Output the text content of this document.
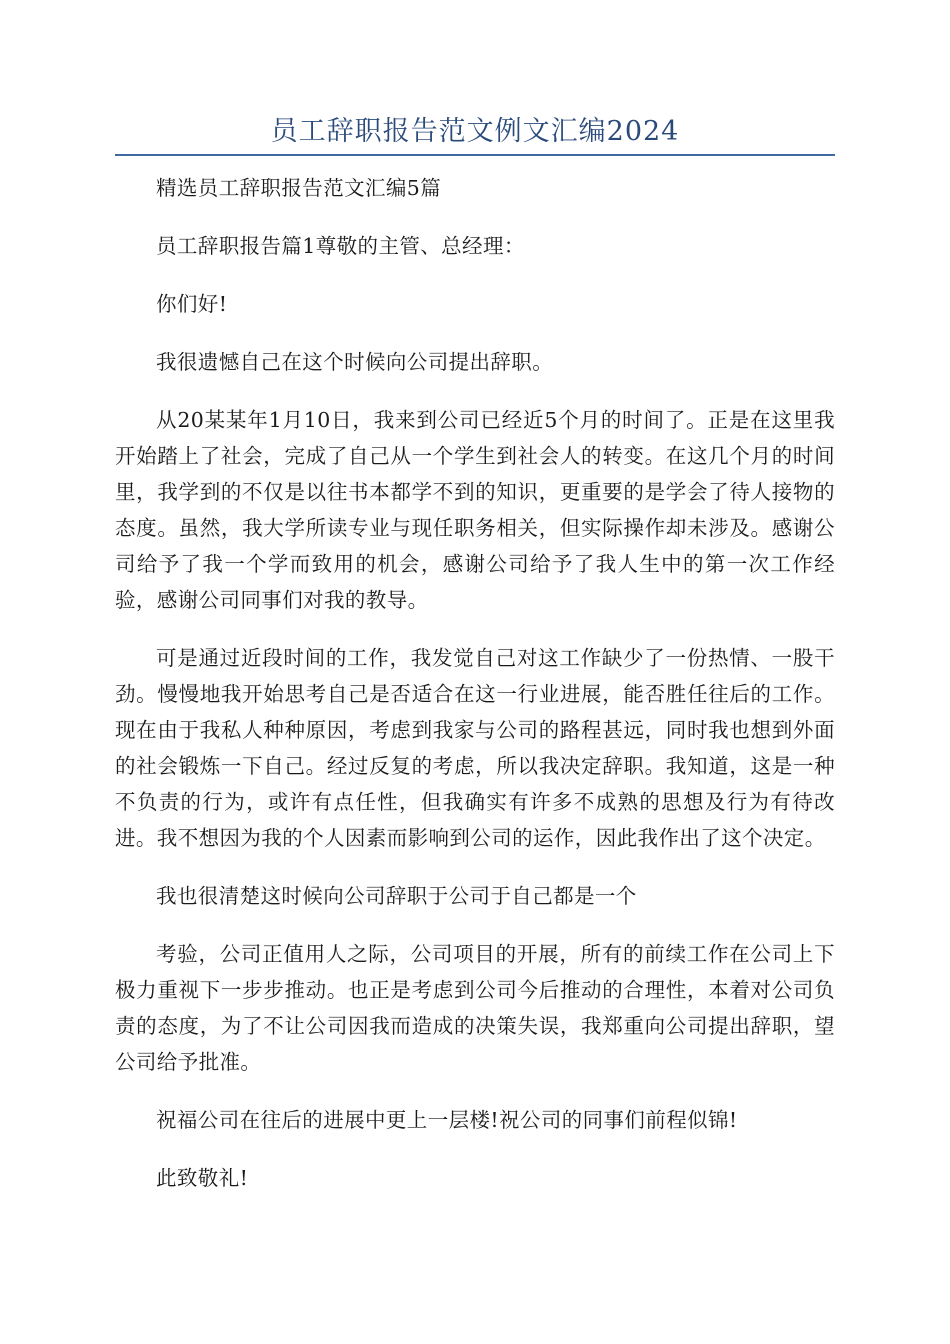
员工辞职报告范文例文汇编2024

精选员工辞职报告范文汇编5篇

员工辞职报告篇1尊敬的主管、总经理：

你们好!

我很遗憾自己在这个时候向公司提出辞职。

从20某某年1月10日，我来到公司已经近5个月的时间了。正是在这里我开始踏上了社会，完成了自己从一个学生到社会人的转变。在这几个月的时间里，我学到的不仅是以往书本都学不到的知识，更重要的是学会了待人接物的态度。虽然，我大学所读专业与现任职务相关，但实际操作却未涉及。感谢公司给予了我一个学而致用的机会，感谢公司给予了我人生中的第一次工作经验，感谢公司同事们对我的教导。

可是通过近段时间的工作，我发觉自己对这工作缺少了一份热情、一股干劲。慢慢地我开始思考自己是否适合在这一行业进展，能否胜任往后的工作。现在由于我私人种种原因，考虑到我家与公司的路程甚远，同时我也想到外面的社会锻炼一下自己。经过反复的考虑，所以我决定辞职。我知道，这是一种不负责的行为，或许有点任性，但我确实有许多不成熟的思想及行为有待改进。我不想因为我的个人因素而影响到公司的运作，因此我作出了这个决定。

我也很清楚这时候向公司辞职于公司于自己都是一个

考验，公司正值用人之际，公司项目的开展，所有的前续工作在公司上下极力重视下一步步推动。也正是考虑到公司今后推动的合理性，本着对公司负责的态度，为了不让公司因我而造成的决策失误，我郑重向公司提出辞职，望公司给予批准。

祝福公司在往后的进展中更上一层楼!祝公司的同事们前程似锦!

此致敬礼!
